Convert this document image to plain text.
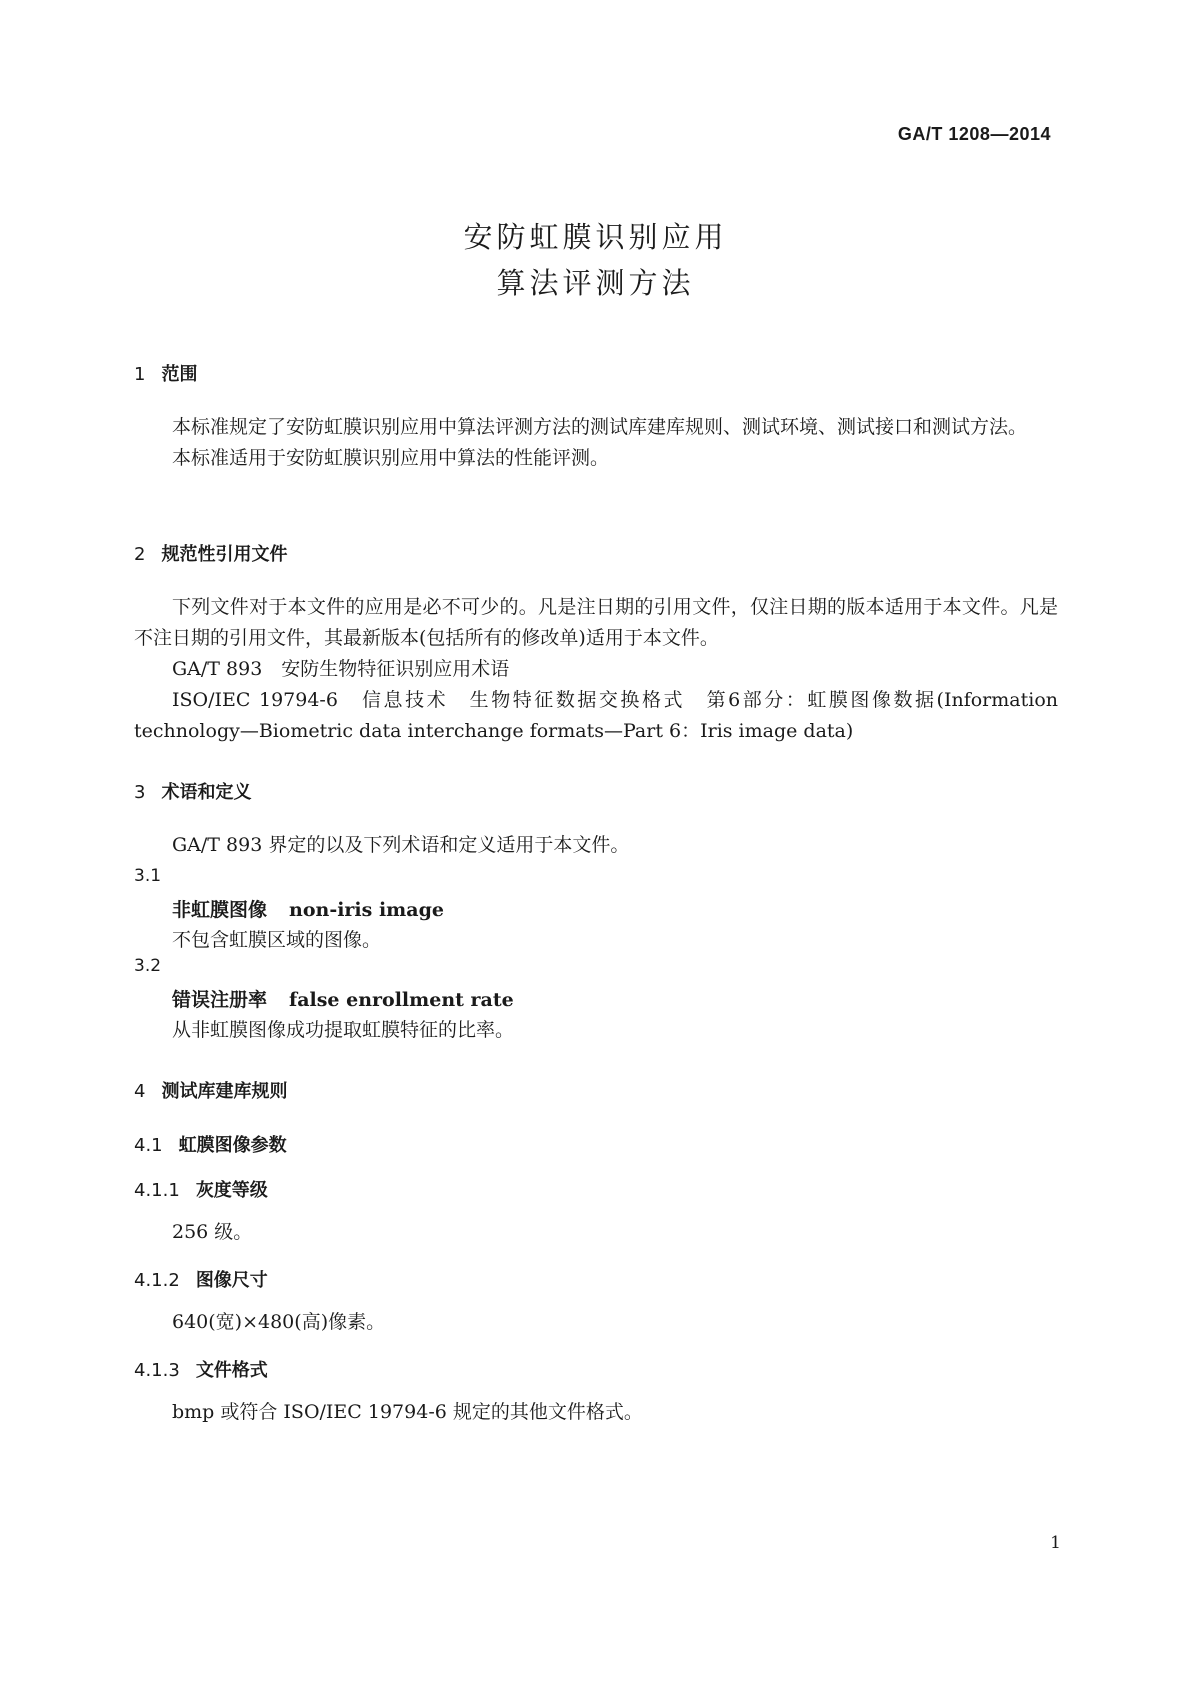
GA/T 1208—2014
安防虹膜识别应用
算法评测方法
1 范围

本标准规定了安防虹膜识别应用中算法评测方法的测试库建库规则、测试环境、测试接口和测试方法。

本标准适用于安防虹膜识别应用中算法的性能评测。

2 规范性引用文件

下列文件对于本文件的应用是必不可少的。凡是注日期的引用文件，仅注日期的版本适用于本文件。凡是不注日期的引用文件，其最新版本(包括所有的修改单)适用于本文件。

GA/T 893　安防生物特征识别应用术语

ISO/IEC 19794-6　信息技术　生物特征数据交换格式　第6部分：虹膜图像数据(Information technology—Biometric data interchange formats—Part 6：Iris image data)

3 术语和定义

GA/T 893 界定的以及下列术语和定义适用于本文件。

3.1
非虹膜图像 non-iris image
不包含虹膜区域的图像。
3.2
错误注册率 false enrollment rate
从非虹膜图像成功提取虹膜特征的比率。
4 测试库建库规则
4.1 虹膜图像参数
4.1.1 灰度等级

256 级。

4.1.2 图像尺寸

640(宽)×480(高)像素。

4.1.3 文件格式

bmp 或符合 ISO/IEC 19794-6 规定的其他文件格式。

1
